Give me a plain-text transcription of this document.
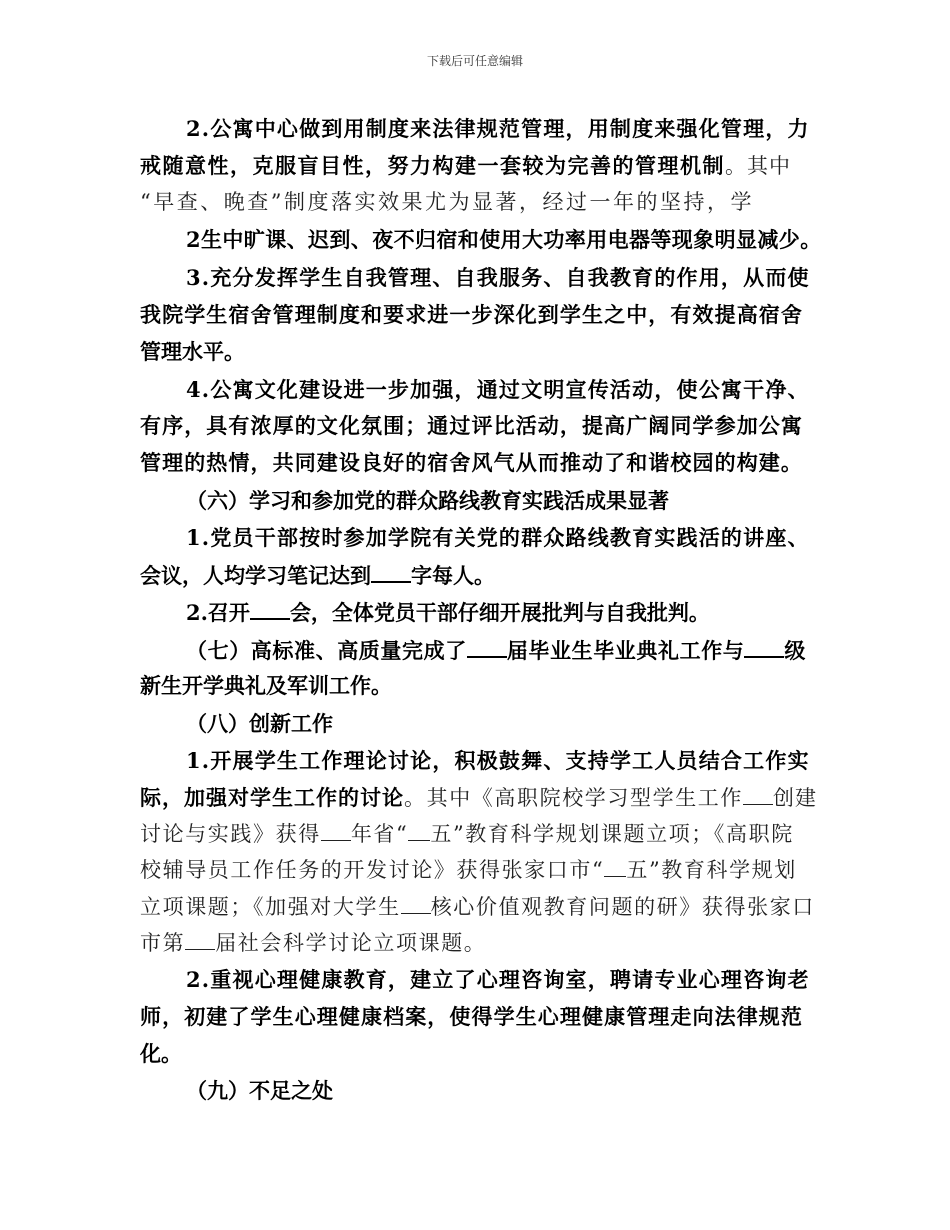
下载后可任意编辑
2.公寓中心做到用制度来法律规范管理，用制度来强化管理，力
戒随意性，克服盲目性，努力构建一套较为完善的管理机制。其中
“早查、晚查”制度落实效果尤为显著，经过一年的坚持，学
2生中旷课、迟到、夜不归宿和使用大功率用电器等现象明显减少。
3.充分发挥学生自我管理、自我服务、自我教育的作用，从而使
我院学生宿舍管理制度和要求进一步深化到学生之中，有效提高宿舍
管理水平。
4.公寓文化建设进一步加强，通过文明宣传活动，使公寓干净、
有序，具有浓厚的文化氛围；通过评比活动，提高广阔同学参加公寓
管理的热情，共同建设良好的宿舍风气从而推动了和谐校园的构建。
（六）学习和参加党的群众路线教育实践活成果显著
1.党员干部按时参加学院有关党的群众路线教育实践活的讲座、
会议，人均学习笔记达到 字每人。
2.召开 会，全体党员干部仔细开展批判与自我批判。
（七）高标准、高质量完成了 届毕业生毕业典礼工作与 级
新生开学典礼及军训工作。
（八）创新工作
1.开展学生工作理论讨论，积极鼓舞、支持学工人员结合工作实
际，加强对学生工作的讨论。其中《高职院校学习型学生工作 创建
讨论与实践》获得 年省“ 五”教育科学规划课题立项；《高职院
校辅导员工作任务的开发讨论》获得张家口市“ 五”教育科学规划
立项课题；《加强对大学生 核心价值观教育问题的研》获得张家口
市第 届社会科学讨论立项课题。
2.重视心理健康教育，建立了心理咨询室，聘请专业心理咨询老
师，初建了学生心理健康档案，使得学生心理健康管理走向法律规范
化。
（九）不足之处
